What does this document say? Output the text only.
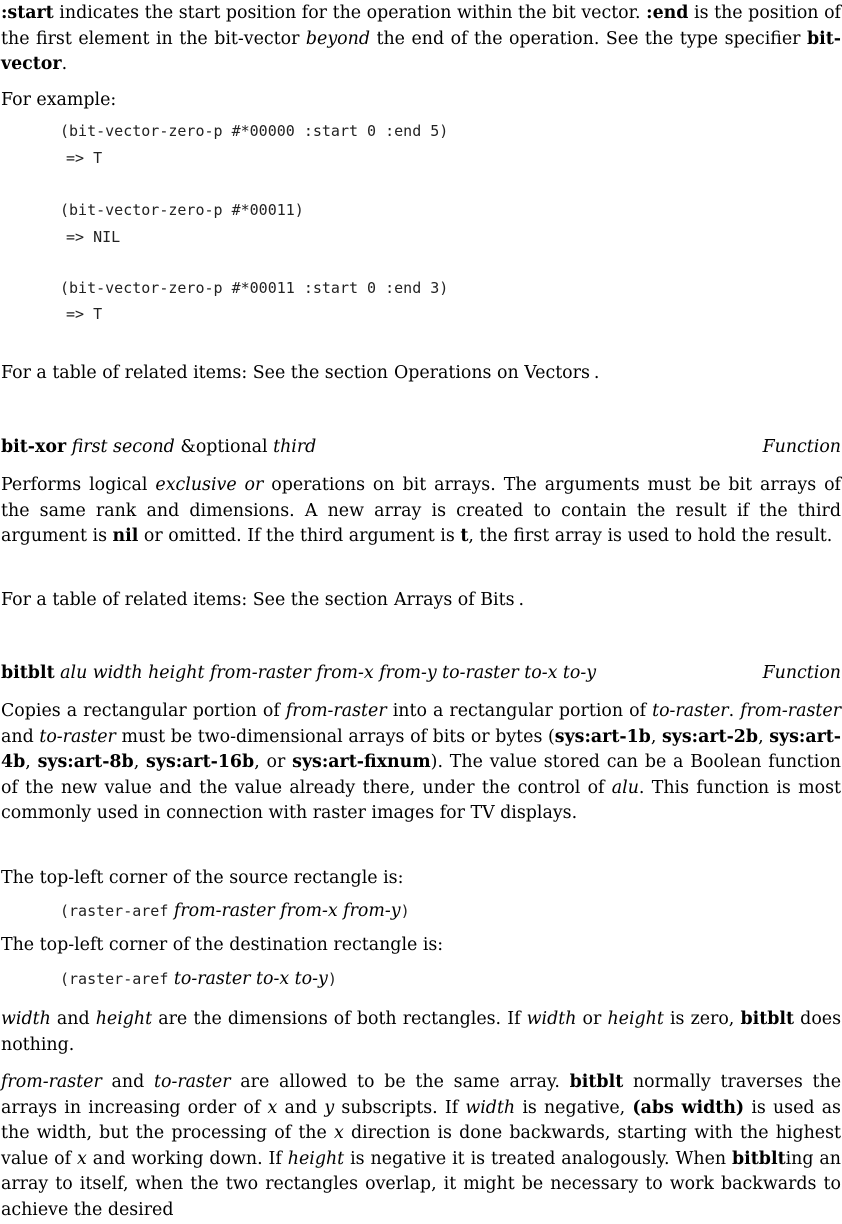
:start indicates the start position for the operation within the bit vector. :end is the position of the first element in the bit-vector beyond the end of the operation. See the type specifier bit-vector.

For example:

(bit-vector-zero-p #*00000 :start 0 :end 5)
=> T
(bit-vector-zero-p #*00011)
=> NIL
(bit-vector-zero-p #*00011 :start 0 :end 3)
=> T

For a table of related items: See the section Operations on Vectors .

bit-xor first second &optional third	Function

Performs logical exclusive or operations on bit arrays. The arguments must be bit arrays of the same rank and dimensions. A new array is created to contain the result if the third argument is nil or omitted. If the third argument is t, the first array is used to hold the result.

For a table of related items: See the section Arrays of Bits .

bitblt alu width height from-raster from-x from-y to-raster to-x to-y	Function

Copies a rectangular portion of from-raster into a rectangular portion of to-raster. from-raster and to-raster must be two-dimensional arrays of bits or bytes (sys:art-1b, sys:art-2b, sys:art-4b, sys:art-8b, sys:art-16b, or sys:art-fixnum). The value stored can be a Boolean function of the new value and the value already there, under the control of alu. This function is most commonly used in connection with raster images for TV displays.

The top-left corner of the source rectangle is:

(raster-aref from-raster from-x from-y)

The top-left corner of the destination rectangle is:

(raster-aref to-raster to-x to-y)

width and height are the dimensions of both rectangles. If width or height is zero, bitblt does nothing.

from-raster and to-raster are allowed to be the same array. bitblt normally traverses the arrays in increasing order of x and y subscripts. If width is negative, (abs width) is used as the width, but the processing of the x direction is done backwards, starting with the highest value of x and working down. If height is negative it is treated analogously. When bitblting an array to itself, when the two rectangles overlap, it might be necessary to work backwards to achieve the desired
